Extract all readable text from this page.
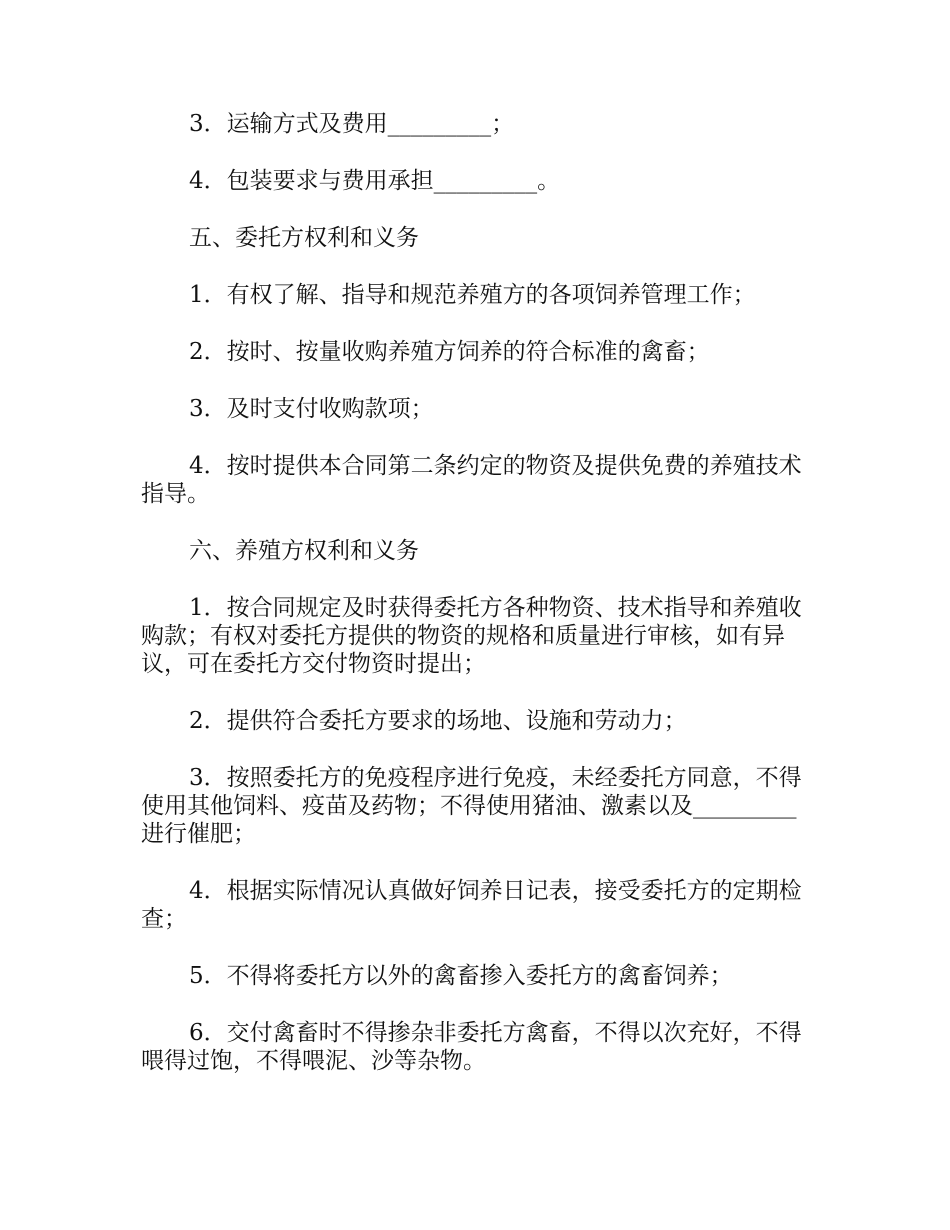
3．运输方式及费用_________；

4．包装要求与费用承担_________。

五、委托方权利和义务

1．有权了解、指导和规范养殖方的各项饲养管理工作；

2．按时、按量收购养殖方饲养的符合标准的禽畜；

3．及时支付收购款项；

4．按时提供本合同第二条约定的物资及提供免费的养殖技术指导。

六、养殖方权利和义务

1．按合同规定及时获得委托方各种物资、技术指导和养殖收购款；有权对委托方提供的物资的规格和质量进行审核，如有异议，可在委托方交付物资时提出；

2．提供符合委托方要求的场地、设施和劳动力；

3．按照委托方的免疫程序进行免疫，未经委托方同意，不得使用其他饲料、疫苗及药物；不得使用猪油、激素以及_________进行催肥；

4．根据实际情况认真做好饲养日记表，接受委托方的定期检查；

5．不得将委托方以外的禽畜掺入委托方的禽畜饲养；

6．交付禽畜时不得掺杂非委托方禽畜，不得以次充好，不得喂得过饱，不得喂泥、沙等杂物。
